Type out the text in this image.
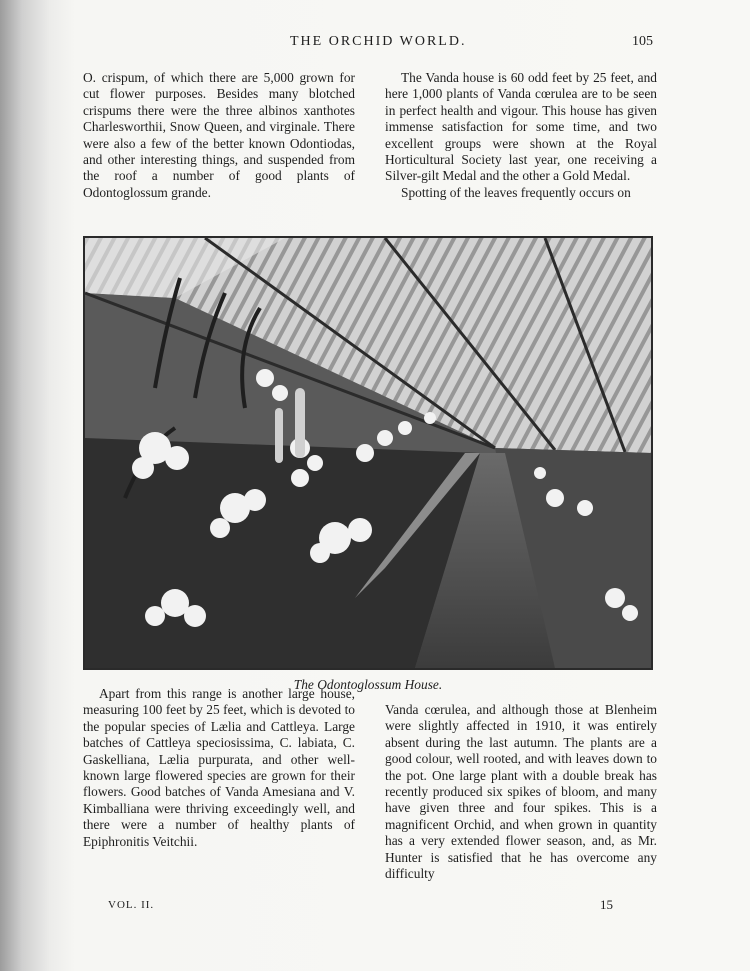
THE ORCHID WORLD.	105

O. crispum, of which there are 5,000 grown for cut flower purposes. Besides many blotched crispums there were the three albinos xanthotes Charlesworthii, Snow Queen, and virginale. There were also a few of the better known Odontiodas, and other interesting things, and suspended from the roof a number of good plants of Odontoglossum grande.

The Vanda house is 60 odd feet by 25 feet, and here 1,000 plants of Vanda cœrulea are to be seen in perfect health and vigour. This house has given immense satisfaction for some time, and two excellent groups were shown at the Royal Horticultural Society last year, one receiving a Silver-gilt Medal and the other a Gold Medal.

Spotting of the leaves frequently occurs on

The Odontoglossum House.

Apart from this range is another large house, measuring 100 feet by 25 feet, which is devoted to the popular species of Lælia and Cattleya. Large batches of Cattleya speciosissima, C. labiata, C. Gaskelliana, Lælia purpurata, and other well-known large flowered species are grown for their flowers. Good batches of Vanda Amesiana and V. Kimballiana were thriving exceedingly well, and there were a number of healthy plants of Epiphronitis Veitchii.

Vanda cœrulea, and although those at Blenheim were slightly affected in 1910, it was entirely absent during the last autumn. The plants are a good colour, well rooted, and with leaves down to the pot. One large plant with a double break has recently produced six spikes of bloom, and many have given three and four spikes. This is a magnificent Orchid, and when grown in quantity has a very extended flower season, and, as Mr. Hunter is satisfied that he has overcome any difficulty

VOL. II.	15
